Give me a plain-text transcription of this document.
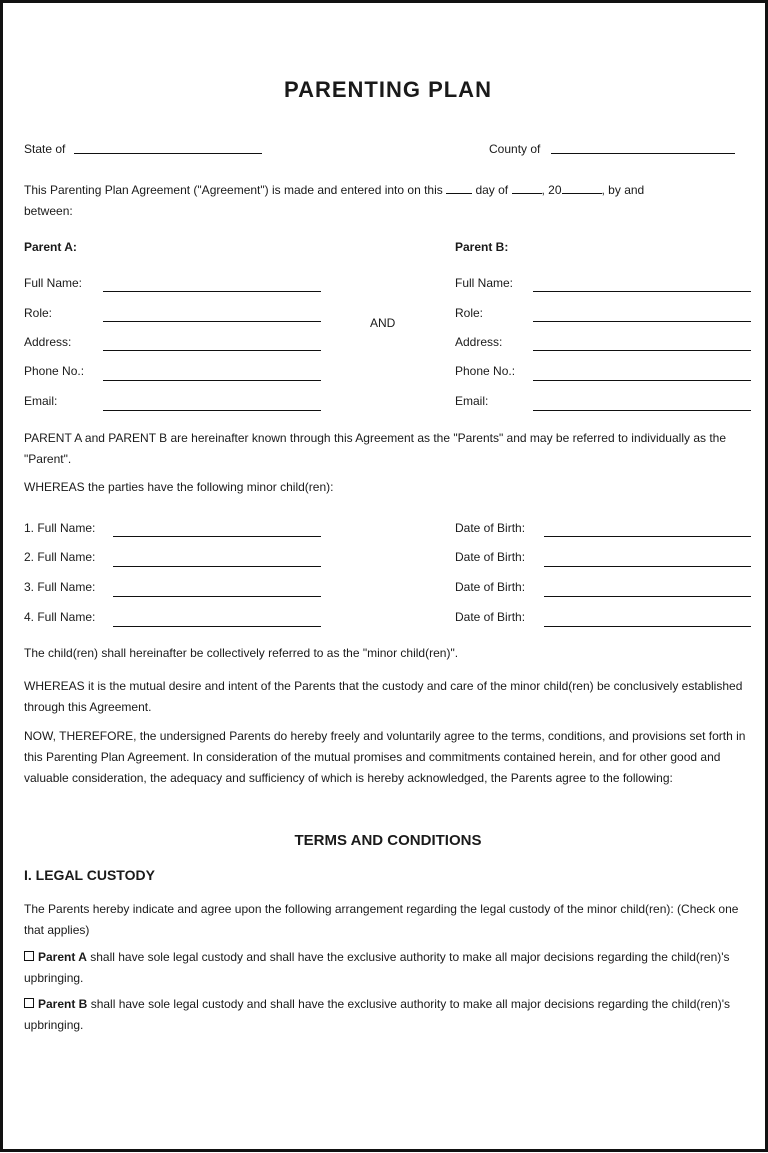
PARENTING PLAN
State of	County of
This Parenting Plan Agreement ("Agreement") is made and entered into on this	day of	, 20	, by and
between:
Parent A:
Full Name:
Role:
Address:
Phone No.:
Email:
AND
Parent B:
Full Name:
Role:
Address:
Phone No.:
Email:
PARENT A and PARENT B are hereinafter known through this Agreement as the "Parents" and may be referred to individually as the "Parent".
WHEREAS the parties have the following minor child(ren):
1. Full Name:	Date of Birth:
2. Full Name:	Date of Birth:
3. Full Name:	Date of Birth:
4. Full Name:	Date of Birth:
The child(ren) shall hereinafter be collectively referred to as the "minor child(ren)".
WHEREAS it is the mutual desire and intent of the Parents that the custody and care of the minor child(ren) be conclusively established through this Agreement.
NOW, THEREFORE, the undersigned Parents do hereby freely and voluntarily agree to the terms, conditions, and provisions set forth in this Parenting Plan Agreement. In consideration of the mutual promises and commitments contained herein, and for other good and valuable consideration, the adequacy and sufficiency of which is hereby acknowledged, the Parents agree to the following:
TERMS AND CONDITIONS
I. LEGAL CUSTODY
The Parents hereby indicate and agree upon the following arrangement regarding the legal custody of the minor child(ren): (Check one that applies)
Parent A shall have sole legal custody and shall have the exclusive authority to make all major decisions regarding the child(ren)'s upbringing.
Parent B shall have sole legal custody and shall have the exclusive authority to make all major decisions regarding the child(ren)'s upbringing.
